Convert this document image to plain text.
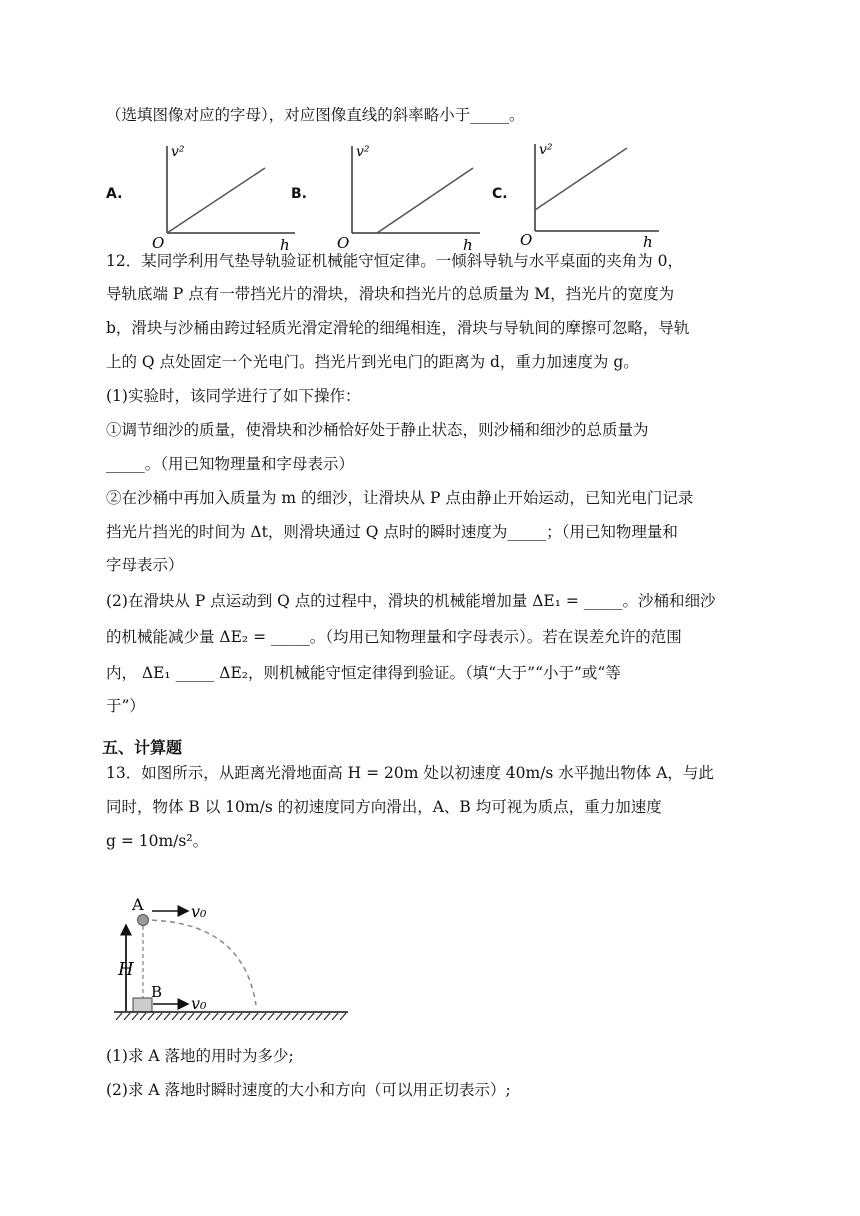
（选填图像对应的字母），对应图像直线的斜率略小于_____。
A.
v²
O	h
B.
v²
O	h
C.
v²
O	h
12．某同学利用气垫导轨验证机械能守恒定律。一倾斜导轨与水平桌面的夹角为 0，
导轨底端 P 点有一带挡光片的滑块，滑块和挡光片的总质量为 M，挡光片的宽度为
b，滑块与沙桶由跨过轻质光滑定滑轮的细绳相连，滑块与导轨间的摩擦可忽略，导轨
上的 Q 点处固定一个光电门。挡光片到光电门的距离为 d，重力加速度为 g。
(1)实验时，该同学进行了如下操作：
①调节细沙的质量，使滑块和沙桶恰好处于静止状态，则沙桶和细沙的总质量为
_____。（用已知物理量和字母表示）
②在沙桶中再加入质量为 m 的细沙，让滑块从 P 点由静止开始运动，已知光电门记录
挡光片挡光的时间为 Δt，则滑块通过 Q 点时的瞬时速度为_____；（用已知物理量和
字母表示）
(2)在滑块从 P 点运动到 Q 点的过程中，滑块的机械能增加量 ΔE₁ = _____。沙桶和细沙
的机械能减少量 ΔE₂ = _____。（均用已知物理量和字母表示）。若在误差允许的范围
内， ΔE₁ _____ ΔE₂，则机械能守恒定律得到验证。（填“大于”“小于”或“等
于”）
五、计算题
13．如图所示，从距离光滑地面高 H = 20m 处以初速度 40m/s 水平抛出物体 A，与此
同时，物体 B 以 10m/s 的初速度同方向滑出，A、B 均可视为质点，重力加速度
g = 10m/s²。
H
A	v₀
B
v₀
(1)求 A 落地的用时为多少;
(2)求 A 落地时瞬时速度的大小和方向（可以用正切表示）;
